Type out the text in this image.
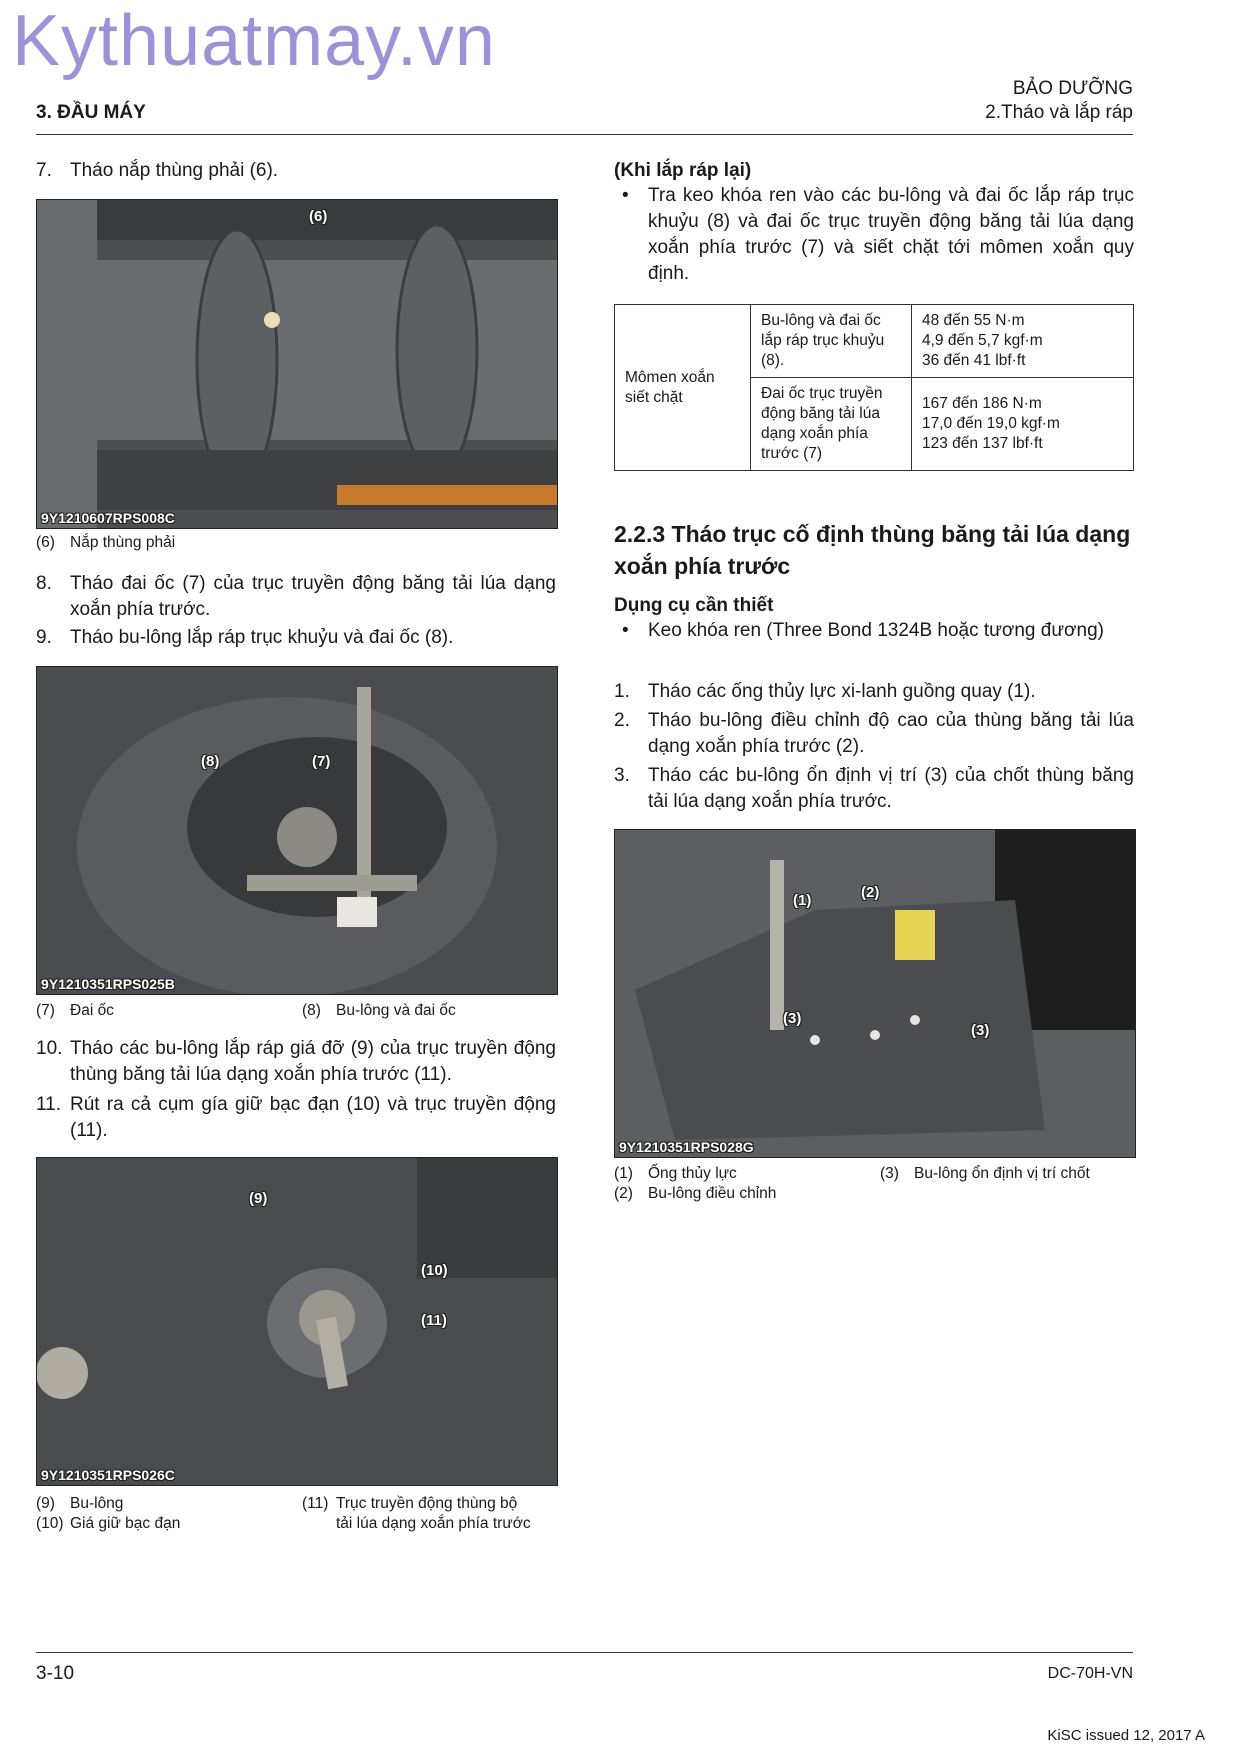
Kythuatmay.vn
3. ĐẦU MÁY
BẢO DƯỠNG
2.Tháo và lắp ráp
7. Tháo nắp thùng phải (6).
(6)
9Y1210607RPS008C
(6) Nắp thùng phải
8. Tháo đai ốc (7) của trục truyền động băng tải lúa dạng xoắn phía trước.
9. Tháo bu-lông lắp ráp trục khuỷu và đai ốc (8).
(8)	(7)
9Y1210351RPS025B
(7) Đai ốc	(8) Bu-lông và đai ốc
10. Tháo các bu-lông lắp ráp giá đỡ (9) của trục truyền động thùng băng tải lúa dạng xoắn phía trước (11).
11. Rút ra cả cụm gía giữ bạc đạn (10) và trục truyền động (11).
(9)
(10)
(11)
9Y1210351RPS026C
(9) Bu-lông
(10) Giá giữ bạc đạn
(11) Trục truyền động thùng bộ
tải lúa dạng xoắn phía trước
(Khi lắp ráp lại)
•	Tra keo khóa ren vào các bu-lông và đai ốc lắp ráp trục khuỷu (8) và đai ốc trục truyền động băng tải lúa dạng xoắn phía trước (7) và siết chặt tới mômen xoắn quy định.
Mômen xoắn siết chặt	Bu-lông và đai ốc lắp ráp trục khuỷu (8).	48 đến 55 N·m
4,9 đến 5,7 kgf·m
36 đến 41 lbf·ft

	Đai ốc trục truyền động băng tải lúa dạng xoắn phía trước (7)	167 đến 186 N·m
17,0 đến 19,0 kgf·m
123 đến 137 lbf·ft
2.2.3 Tháo trục cố định thùng băng tải lúa dạng xoắn phía trước
Dụng cụ cần thiết
•	Keo khóa ren (Three Bond 1324B hoặc tương đương)
1. Tháo các ống thủy lực xi-lanh guồng quay (1).
2. Tháo bu-lông điều chỉnh độ cao của thùng băng tải lúa dạng xoắn phía trước (2).
3. Tháo các bu-lông ổn định vị trí (3) của chốt thùng băng tải lúa dạng xoắn phía trước.
(1)	(2)
(3)
(3)
9Y1210351RPS028G
(1) Ống thủy lực
(2) Bu-lông điều chỉnh
(3) Bu-lông ổn định vị trí chốt
3-10	DC-70H-VN
KiSC issued 12, 2017 A
